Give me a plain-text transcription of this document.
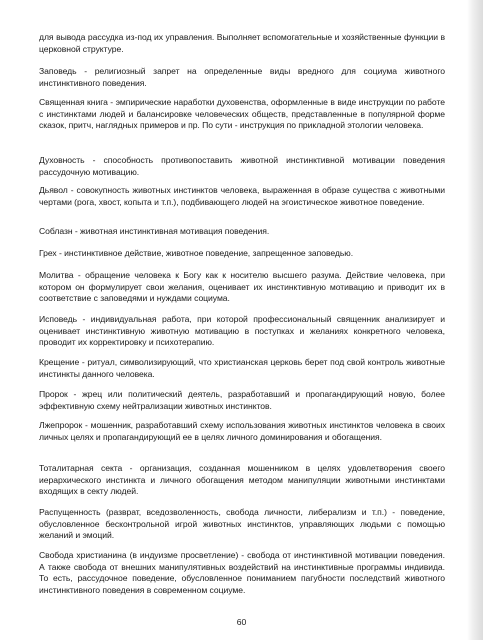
для вывода рассудка из-под их управления. Выполняет вспомогательные и хозяйственные функции в церковной структуре.
Заповедь - религиозный запрет на определенные виды вредного для социума животного инстинктивного поведения.
Священная книга - эмпирические наработки духовенства, оформленные в виде инструкции по работе с инстинктами людей и балансировке человеческих обществ, представленные в популярной форме сказок, притч, наглядных примеров и пр. По сути - инструкция по прикладной этологии человека.
Духовность - способность противопоставить животной инстинктивной мотивации поведения рассудочную мотивацию.
Дьявол - совокупность животных инстинктов человека, выраженная в образе существа с животными чертами (рога, хвост, копыта и т.п.), подбивающего людей на эгоистическое животное поведение.
Соблазн - животная инстинктивная мотивация поведения.
Грех - инстинктивное действие, животное поведение, запрещенное заповедью.
Молитва - обращение человека к Богу как к носителю высшего разума. Действие человека, при котором он формулирует свои желания, оценивает их инстинктивную мотивацию и приводит их в соответствие с заповедями и нуждами социума.
Исповедь - индивидуальная работа, при которой профессиональный священник анализирует и оценивает инстинктивную животную мотивацию в поступках и желаниях конкретного человека, проводит их корректировку и психотерапию.
Крещение - ритуал, символизирующий, что христианская церковь берет под свой контроль животные инстинкты данного человека.
Пророк - жрец или политический деятель, разработавший и пропагандирующий новую, более эффективную схему нейтрализации животных инстинктов.
Лжепророк - мошенник, разработавший схему использования животных инстинктов человека в своих личных целях и пропагандирующий ее в целях личного доминирования и обогащения.
Тоталитарная секта - организация, созданная мошенником в целях удовлетворения своего иерархического инстинкта и личного обогащения методом манипуляции животными инстинктами входящих в секту людей.
Распущенность (разврат, вседозволенность, свобода личности, либерализм и т.п.) - поведение, обусловленное бесконтрольной игрой животных инстинктов, управляющих людьми с помощью желаний и эмоций.
Свобода христианина (в индуизме просветление) - свобода от инстинктивной мотивации поведения. А также свобода от внешних манипулятивных воздействий на инстинктивные программы индивида. То есть, рассудочное поведение, обусловленное пониманием пагубности последствий животного инстинктивного поведения в современном социуме.
60
